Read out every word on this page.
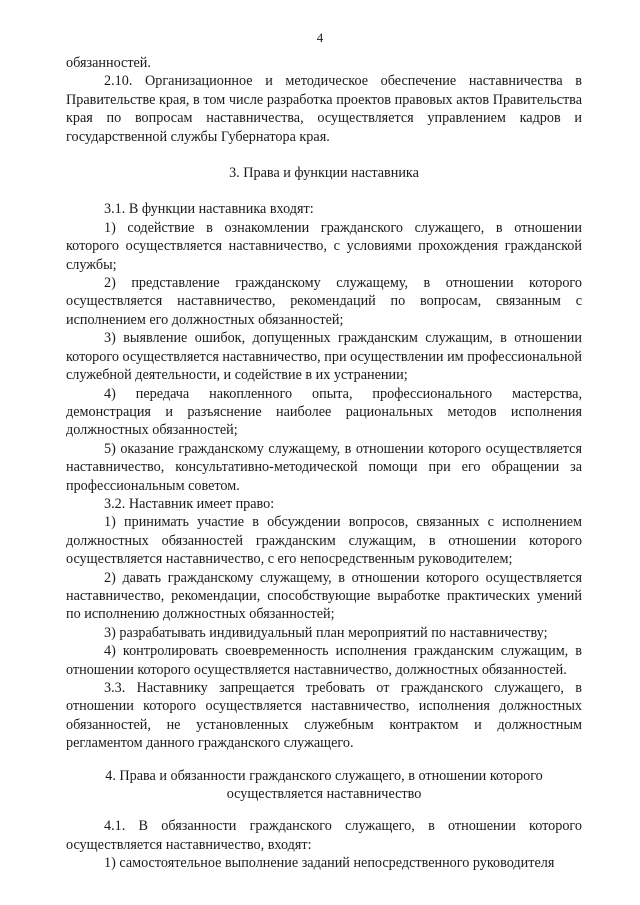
4

обязанностей.

2.10. Организационное и методическое обеспечение наставничества в Правительстве края, в том числе разработка проектов правовых актов Правительства края по вопросам наставничества, осуществляется управлением кадров и государственной службы Губернатора края.

3. Права и функции наставника

3.1. В функции наставника входят:

1) содействие в ознакомлении гражданского служащего, в отношении которого осуществляется наставничество, с условиями прохождения гражданской службы;

2) представление гражданскому служащему, в отношении которого осуществляется наставничество, рекомендаций по вопросам, связанным с исполнением его должностных обязанностей;

3) выявление ошибок, допущенных гражданским служащим, в отношении которого осуществляется наставничество, при осуществлении им профессиональной служебной деятельности, и содействие в их устранении;

4) передача накопленного опыта, профессионального мастерства, демонстрация и разъяснение наиболее рациональных методов исполнения должностных обязанностей;

5) оказание гражданскому служащему, в отношении которого осуществляется наставничество, консультативно-методической помощи при его обращении за профессиональным советом.

3.2. Наставник имеет право:

1) принимать участие в обсуждении вопросов, связанных с исполнением должностных обязанностей гражданским служащим, в отношении которого осуществляется наставничество, с его непосредственным руководителем;

2) давать гражданскому служащему, в отношении которого осуществляется наставничество, рекомендации, способствующие выработке практических умений по исполнению должностных обязанностей;

3) разрабатывать индивидуальный план мероприятий по наставничеству;

4) контролировать своевременность исполнения гражданским служащим, в отношении которого осуществляется наставничество, должностных обязанностей.

3.3. Наставнику запрещается требовать от гражданского служащего, в отношении которого осуществляется наставничество, исполнения должностных обязанностей, не установленных служебным контрактом и должностным регламентом данного гражданского служащего.

4. Права и обязанности гражданского служащего, в отношении которого

осуществляется наставничество

4.1. В обязанности гражданского служащего, в отношении которого осуществляется наставничество, входят:

1) самостоятельное выполнение заданий непосредственного руководителя
